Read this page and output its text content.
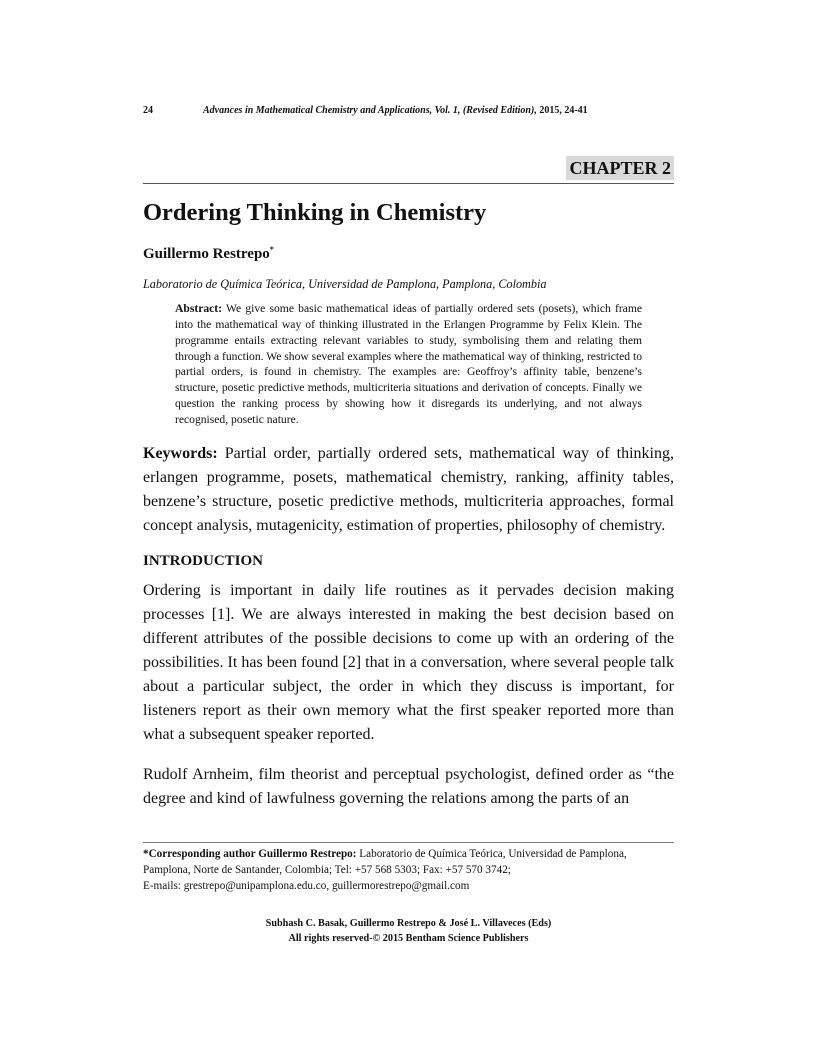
24	Advances in Mathematical Chemistry and Applications, Vol. 1, (Revised Edition), 2015, 24-41
CHAPTER 2
Ordering Thinking in Chemistry
Guillermo Restrepo*
Laboratorio de Química Teórica, Universidad de Pamplona, Pamplona, Colombia
Abstract: We give some basic mathematical ideas of partially ordered sets (posets), which frame into the mathematical way of thinking illustrated in the Erlangen Programme by Felix Klein. The programme entails extracting relevant variables to study, symbolising them and relating them through a function. We show several examples where the mathematical way of thinking, restricted to partial orders, is found in chemistry. The examples are: Geoffroy’s affinity table, benzene’s structure, posetic predictive methods, multicriteria situations and derivation of concepts. Finally we question the ranking process by showing how it disregards its underlying, and not always recognised, posetic nature.
Keywords: Partial order, partially ordered sets, mathematical way of thinking, erlangen programme, posets, mathematical chemistry, ranking, affinity tables, benzene’s structure, posetic predictive methods, multicriteria approaches, formal concept analysis, mutagenicity, estimation of properties, philosophy of chemistry.
INTRODUCTION

Ordering is important in daily life routines as it pervades decision making processes [1]. We are always interested in making the best decision based on different attributes of the possible decisions to come up with an ordering of the possibilities. It has been found [2] that in a conversation, where several people talk about a particular subject, the order in which they discuss is important, for listeners report as their own memory what the first speaker reported more than what a subsequent speaker reported.

Rudolf Arnheim, film theorist and perceptual psychologist, defined order as “the degree and kind of lawfulness governing the relations among the parts of an

*Corresponding author Guillermo Restrepo: Laboratorio de Química Teórica, Universidad de Pamplona, Pamplona, Norte de Santander, Colombia; Tel: +57 568 5303; Fax: +57 570 3742;
E-mails: grestrepo@unipamplona.edu.co, guillermorestrepo@gmail.com
Subhash C. Basak, Guillermo Restrepo & José L. Villaveces (Eds)
All rights reserved-© 2015 Bentham Science Publishers
